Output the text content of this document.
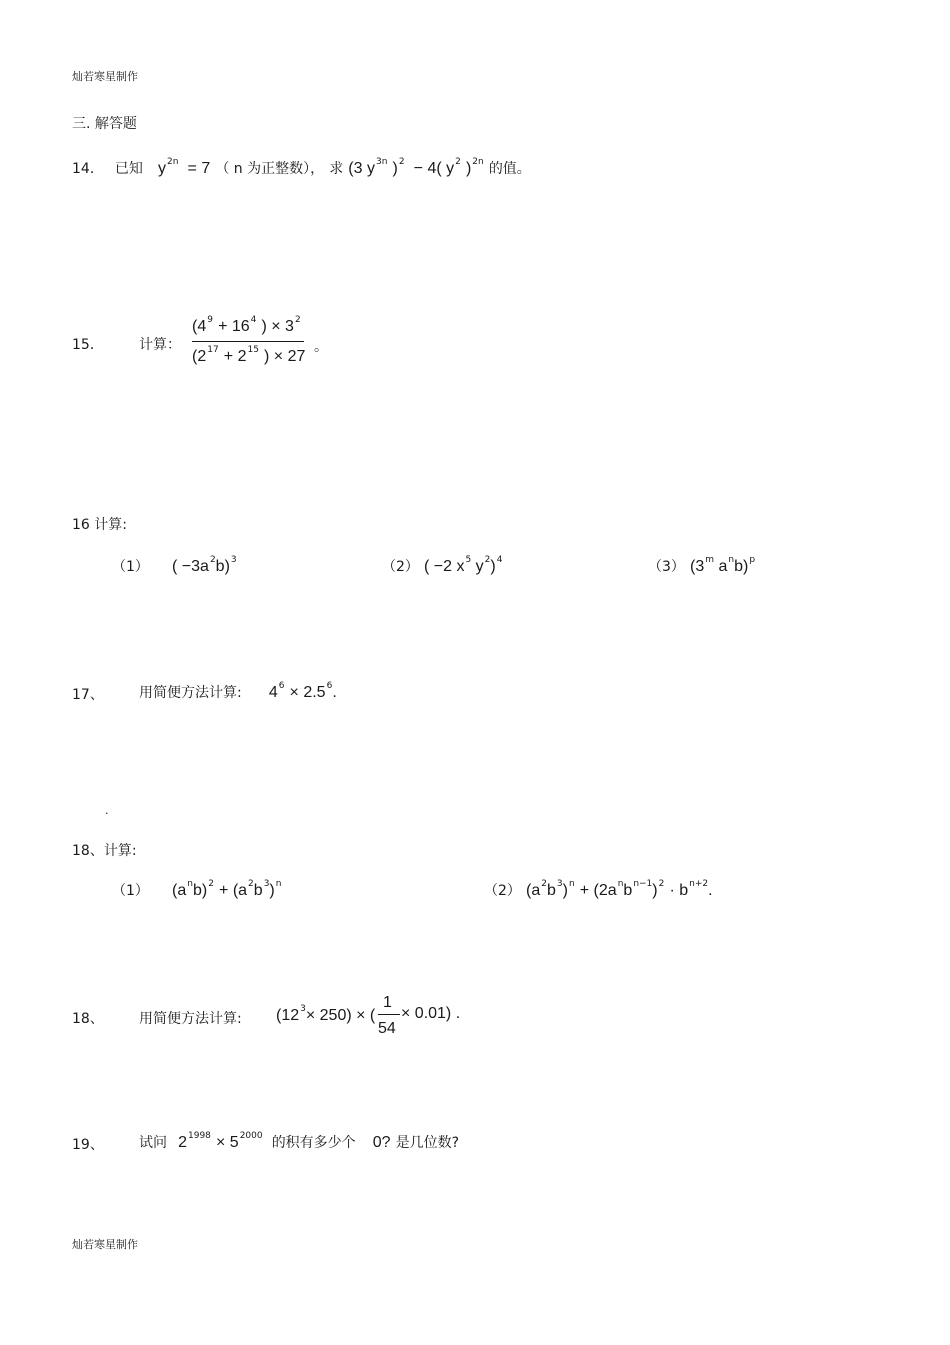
灿若寒星制作
灿若寒星制作
三. 解答题
14． 已知 $y^{2n} = 7$ （ n 为正整数）， 求 (3 $y^{3n}$ )$^2$ − 4( $y^2$ )$^{2n}$ 的值。
15．	计算：
($4^9 + 16^4$ ) × $3^2$
($2^{17} + 2^{15}$ ) × 27
。
16 计算:
（1） ( $-3a^2b)^3$	（2） ( −2 $x^5$ $y^2)^4$	（3） (3$^m$ $a^nb)^p$
17、	用简便方法计算: $4^6 \times 2.5^6$.
.
18、计算:
（1） $(a^nb)^2 + (a^2b^3)^n$	（2） $(a^2b^3)^n + (2a^nb^{n-1})^2 \cdot b^{n+2}$.
18、	用简便方法计算: $(12^3\times 250)$ × (
1
54
× 0.01) .
19、	试问 $2^{1998} \times 5^{2000}$ 的积有多少个 0? 是几位数?
